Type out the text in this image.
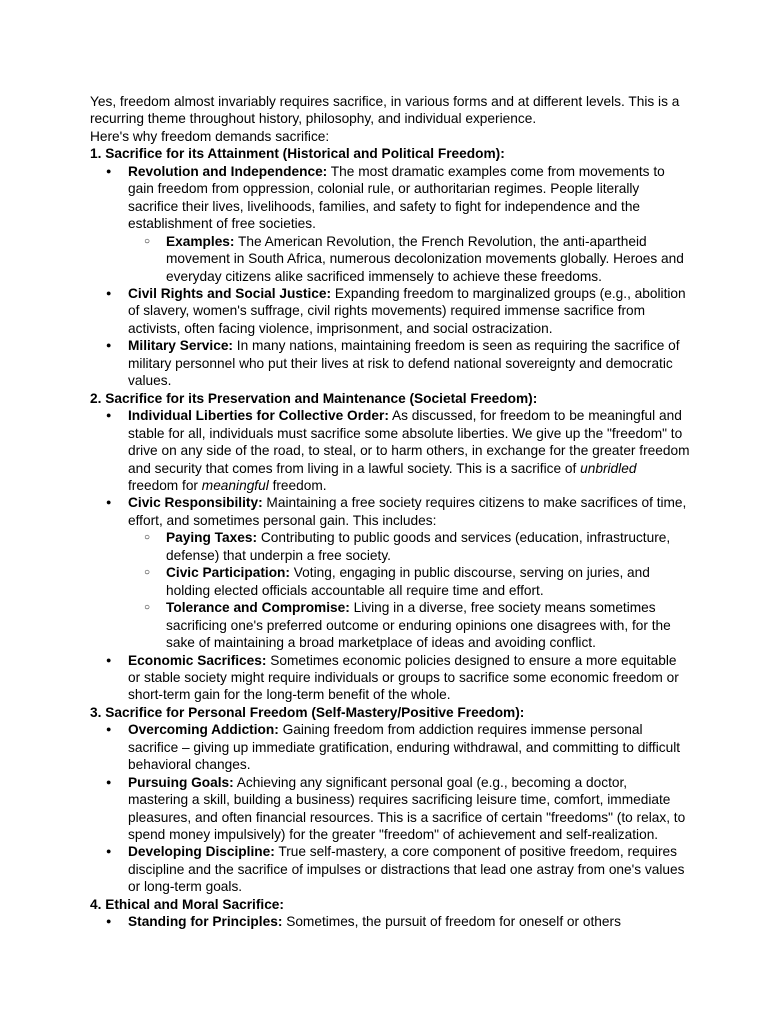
Yes, freedom almost invariably requires sacrifice, in various forms and at different levels. This is a recurring theme throughout history, philosophy, and individual experience.

Here's why freedom demands sacrifice:

1. Sacrifice for its Attainment (Historical and Political Freedom):

● Revolution and Independence: The most dramatic examples come from movements to gain freedom from oppression, colonial rule, or authoritarian regimes. People literally sacrifice their lives, livelihoods, families, and safety to fight for independence and the establishment of free societies.
○ Examples: The American Revolution, the French Revolution, the anti-apartheid movement in South Africa, numerous decolonization movements globally. Heroes and everyday citizens alike sacrificed immensely to achieve these freedoms.
● Civil Rights and Social Justice: Expanding freedom to marginalized groups (e.g., abolition of slavery, women's suffrage, civil rights movements) required immense sacrifice from activists, often facing violence, imprisonment, and social ostracization.
● Military Service: In many nations, maintaining freedom is seen as requiring the sacrifice of military personnel who put their lives at risk to defend national sovereignty and democratic values.

2. Sacrifice for its Preservation and Maintenance (Societal Freedom):

● Individual Liberties for Collective Order: As discussed, for freedom to be meaningful and stable for all, individuals must sacrifice some absolute liberties. We give up the "freedom" to drive on any side of the road, to steal, or to harm others, in exchange for the greater freedom and security that comes from living in a lawful society. This is a sacrifice of unbridled freedom for meaningful freedom.
● Civic Responsibility: Maintaining a free society requires citizens to make sacrifices of time, effort, and sometimes personal gain. This includes:
○ Paying Taxes: Contributing to public goods and services (education, infrastructure, defense) that underpin a free society.
○ Civic Participation: Voting, engaging in public discourse, serving on juries, and holding elected officials accountable all require time and effort.
○ Tolerance and Compromise: Living in a diverse, free society means sometimes sacrificing one's preferred outcome or enduring opinions one disagrees with, for the sake of maintaining a broad marketplace of ideas and avoiding conflict.
● Economic Sacrifices: Sometimes economic policies designed to ensure a more equitable or stable society might require individuals or groups to sacrifice some economic freedom or short-term gain for the long-term benefit of the whole.

3. Sacrifice for Personal Freedom (Self-Mastery/Positive Freedom):

● Overcoming Addiction: Gaining freedom from addiction requires immense personal sacrifice – giving up immediate gratification, enduring withdrawal, and committing to difficult behavioral changes.
● Pursuing Goals: Achieving any significant personal goal (e.g., becoming a doctor, mastering a skill, building a business) requires sacrificing leisure time, comfort, immediate pleasures, and often financial resources. This is a sacrifice of certain "freedoms" (to relax, to spend money impulsively) for the greater "freedom" of achievement and self-realization.
● Developing Discipline: True self-mastery, a core component of positive freedom, requires discipline and the sacrifice of impulses or distractions that lead one astray from one's values or long-term goals.

4. Ethical and Moral Sacrifice:

● Standing for Principles: Sometimes, the pursuit of freedom for oneself or others
